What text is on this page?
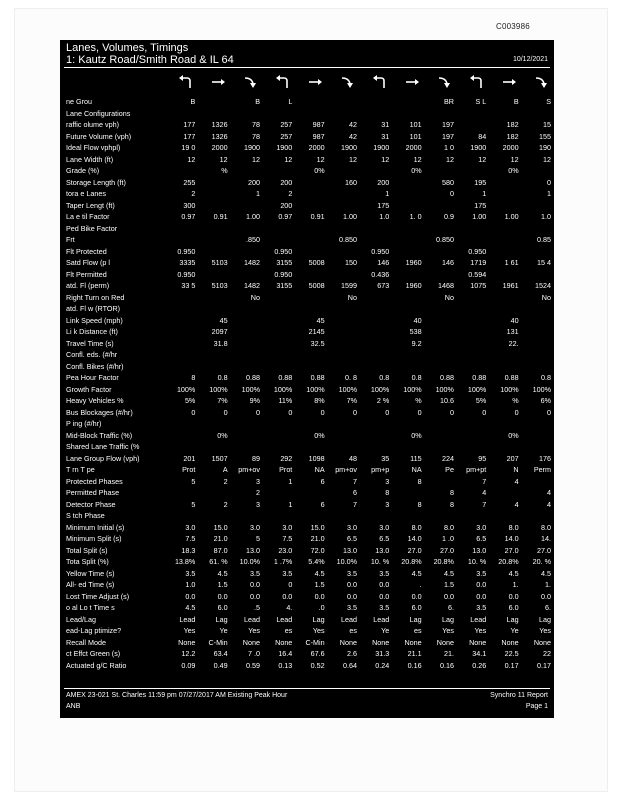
C003986
Lanes, Volumes, Timings
1: Kautz Road/Smith Road & IL 64	10/12/2021
ne Grou	B		B	L					BR	S L	B	S
Lane Configurations												
raffic olume vph)	177	1326	78	257	987	42	31	101	197		182	15
Future Volume (vph)	177	1326	78	257	987	42	31	101	197	84	182	155
Ideal Flow vphpl)	19 0	2000	1900	1900	2000	1900	1900	2000	1 0	1900	2000	190
Lane Width (ft)	12	12	12	12	12	12	12	12	12	12	12	12
Grade (%)		%			0%			0%			0%	
Storage Length (ft)	255		200	200		160	200		580	195		0
tora e Lanes	2		1	2			1		0	1		1
Taper Lengt (ft)	300			200			175			175		
La e til Factor	0.97	0.91	1.00	0.97	0.91	1.00	1.0	1. 0	0.9	1.00	1.00	1.0
Ped Bike Factor												
Frt			.850			0.850			0.850			0.85
Flt Protected	0.950			0.950			0.950			0.950		
Satd Flow (p l	3335	5103	1482	3155	5008	150	146	1960	146	1719	1 61	15 4
Flt Permitted	0.950			0.950			0.436			0.594		
atd. Fl (perm)	33 5	5103	1482	3155	5008	1599	673	1960	1468	1075	1961	1524
Right Turn on Red			No			No			No			No
atd. Fl w (RTOR)												
Link Speed (mph)		45			45			40			40	
Li k Distance (ft)		2097			2145			538			131	
Travel Time (s)		31.8			32.5			9.2			22.	
Confl. eds. (#/hr												
Confl. Bikes (#/hr)												
Pea Hour Factor	8	0.8	0.88	0.88	0.88	0. 8	0.8	0.8	0.88	0.88	0.88	0.8
Growth Factor	100%	100%	100%	100%	100%	100%	100%	100%	100%	100%	100%	100%
Heavy Vehicles %	5%	7%	9%	11%	8%	7%	2 %	%	10.6	5%	%	6%
Bus Blockages (#/hr)	0	0	0	0	0	0	0	0	0	0	0	0
P ing (#/hr)												
Mid-Block Traffic (%)		0%			0%			0%			0%	
Shared Lane Traffic (%												
Lane Group Flow (vph)	201	1507	89	292	1098	48	35	115	224	95	207	176
T rn T pe	Prot	A	pm+ov	Prot	NA	pm+ov	pm+p	NA	Pe	pm+pt	N	Perm
Protected Phases	5	2	3	1	6	7	3	8		7	4	
Permitted Phase			2			6	8		8	4		4
Detector Phase	5	2	3	1	6	7	3	8	8	7	4	4
S tch Phase												
Minimum Initial (s)	3.0	15.0	3.0	3.0	15.0	3.0	3.0	8.0	8.0	3.0	8.0	8.0
Minimum Split (s)	7.5	21.0	5	7.5	21.0	6.5	6.5	14.0	1 .0	6.5	14.0	14.
Total Split (s)	18.3	87.0	13.0	23.0	72.0	13.0	13.0	27.0	27.0	13.0	27.0	27.0
Tota Split (%)	13.8%	61. %	10.0%	1 .7%	5.4%	10.0%	10. %	20.8%	20.8%	10. %	20.8%	20. %
Yellow Time (s)	3.5	4.5	3.5	3.5	4.5	3.5	3.5	4.5	4.5	3.5	4.5	4.5
All- ed Time (s)	1.0	1.5	0.0	0	1.5	0.0	0.0	.	1.5	0.0	1.	1.
Lost Time Adjust (s)	0.0	0.0	0.0	0.0	0.0	0.0	0.0	0.0	0.0	0.0	0.0	0.0
o al Lo t Time s	4.5	6.0	.5	4.	.0	3.5	3.5	6.0	6.	3.5	6.0	6.
Lead/Lag	Lead	Lag	Lead	Lead	Lag	Lead	Lead	Lag	Lag	Lead	Lag	Lag
ead-Lag ptimize?	Yes	Ye	Yes	es	Yes	es	Ye	es	Yes	Yes	Ye	Yes
Recall Mode	None	C-Min	None	None	C-Min	None	None	None	None	None	None	None
ct Effct Green (s)	12.2	63.4	7 .0	16.4	67.6	2.6	31.3	21.1	21.	34.1	22.5	22
Actuated g/C Ratio	0.09	0.49	0.59	0.13	0.52	0.64	0.24	0.16	0.16	0.26	0.17	0.17
AMEX 23-021 St. Charles 11:59 pm 07/27/2017 AM Existing Peak Hour
ANB
Synchro 11 Report
Page 1
